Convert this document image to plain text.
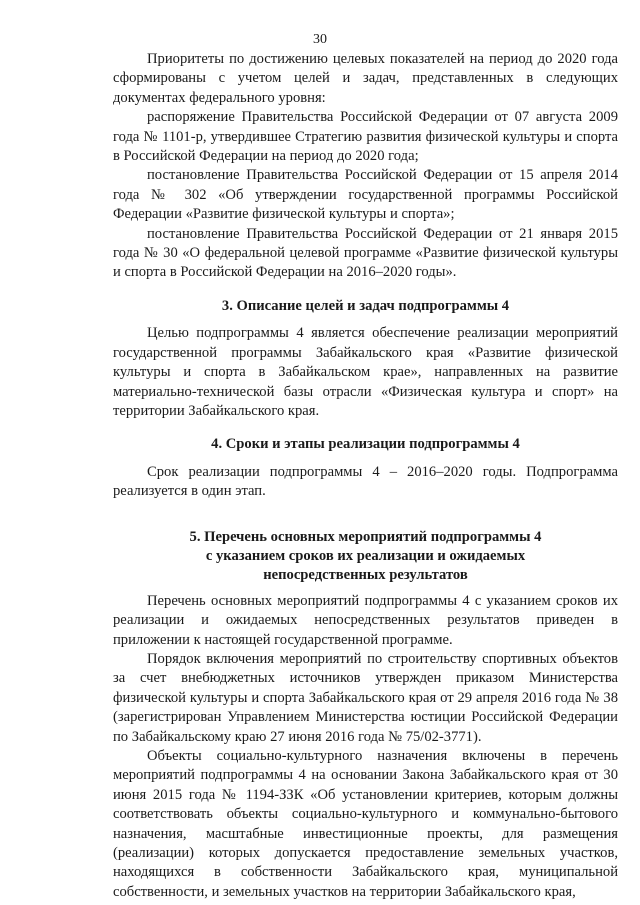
30

Приоритеты по достижению целевых показателей на период до 2020 года сформированы с учетом целей и задач, представленных в следующих документах федерального уровня:

распоряжение Правительства Российской Федерации от 07 августа 2009 года № 1101-р, утвердившее Стратегию развития физической культуры и спорта в Российской Федерации на период до 2020 года;

постановление Правительства Российской Федерации от 15 апреля 2014 года № 302 «Об утверждении государственной программы Российской Федерации «Развитие физической культуры и спорта»;

постановление Правительства Российской Федерации от 21 января 2015 года № 30 «О федеральной целевой программе «Развитие физической культуры и спорта в Российской Федерации на 2016–2020 годы».

3. Описание целей и задач подпрограммы 4

Целью подпрограммы 4 является обеспечение реализации мероприятий государственной программы Забайкальского края «Развитие физической культуры и спорта в Забайкальском крае», направленных на развитие материально-технической базы отрасли «Физическая культура и спорт» на территории Забайкальского края.

4. Сроки и этапы реализации подпрограммы 4

Срок реализации подпрограммы 4 – 2016–2020 годы. Подпрограмма реализуется в один этап.

5. Перечень основных мероприятий подпрограммы 4
с указанием сроков их реализации и ожидаемых
непосредственных результатов

Перечень основных мероприятий подпрограммы 4 с указанием сроков их реализации и ожидаемых непосредственных результатов приведен в приложении к настоящей государственной программе.

Порядок включения мероприятий по строительству спортивных объектов за счет внебюджетных источников утвержден приказом Министерства физической культуры и спорта Забайкальского края от 29 апреля 2016 года № 38 (зарегистрирован Управлением Министерства юстиции Российской Федерации по Забайкальскому краю 27 июня 2016 года № 75/02-3771).

Объекты социально-культурного назначения включены в перечень мероприятий подпрограммы 4 на основании Закона Забайкальского края от 30 июня 2015 года № 1194-ЗЗК «Об установлении критериев, которым должны соответствовать объекты социально-культурного и коммунально-бытового назначения, масштабные инвестиционные проекты, для размещения (реализации) которых допускается предоставление земельных участков, находящихся в собственности Забайкальского края, муниципальной собственности, и земельных участков на территории Забайкальского края,
